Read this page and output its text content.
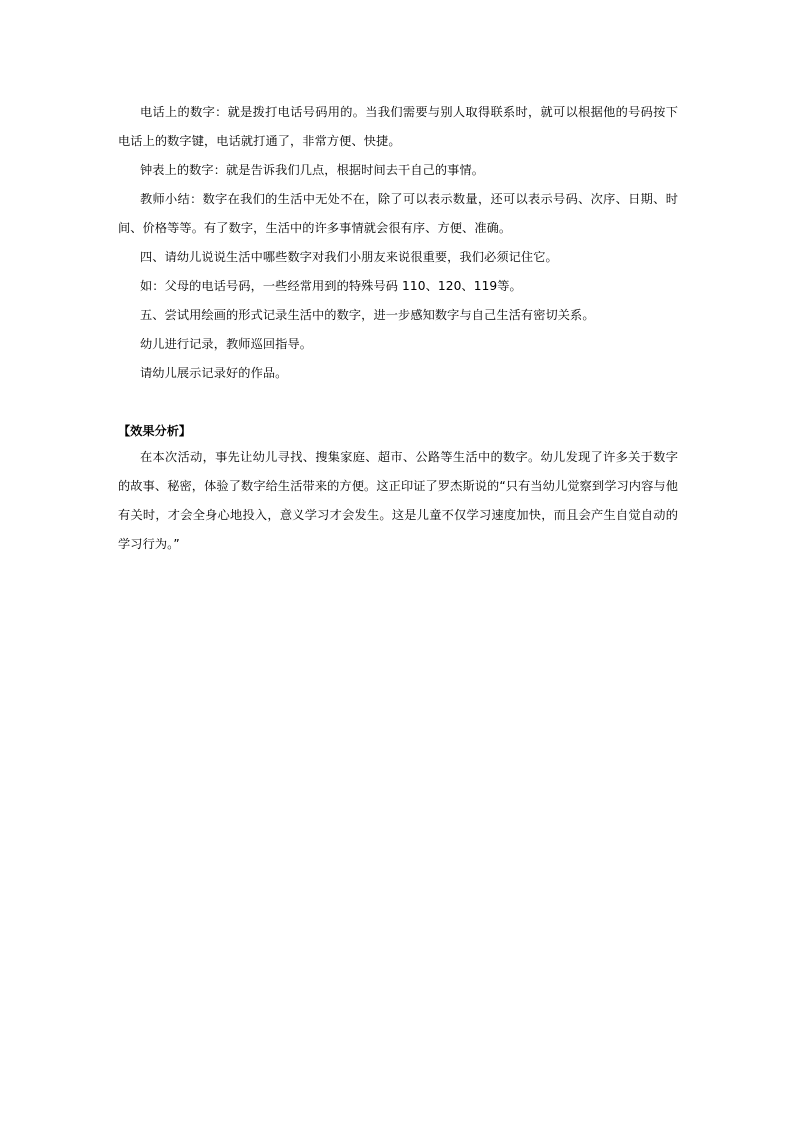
电话上的数字：就是拨打电话号码用的。当我们需要与别人取得联系时，就可以根据他的号码按下电话上的数字键，电话就打通了，非常方便、快捷。

钟表上的数字：就是告诉我们几点，根据时间去干自己的事情。

教师小结：数字在我们的生活中无处不在，除了可以表示数量，还可以表示号码、次序、日期、时间、价格等等。有了数字，生活中的许多事情就会很有序、方便、准确。

四、请幼儿说说生活中哪些数字对我们小朋友来说很重要，我们必须记住它。

如：父母的电话号码，一些经常用到的特殊号码 110、120、119等。

五、尝试用绘画的形式记录生活中的数字，进一步感知数字与自己生活有密切关系。

幼儿进行记录，教师巡回指导。

请幼儿展示记录好的作品。

【效果分析】

在本次活动，事先让幼儿寻找、搜集家庭、超市、公路等生活中的数字。幼儿发现了许多关于数字的故事、秘密，体验了数字给生活带来的方便。这正印证了罗杰斯说的“只有当幼儿觉察到学习内容与他有关时，才会全身心地投入，意义学习才会发生。这是儿童不仅学习速度加快，而且会产生自觉自动的学习行为。”
